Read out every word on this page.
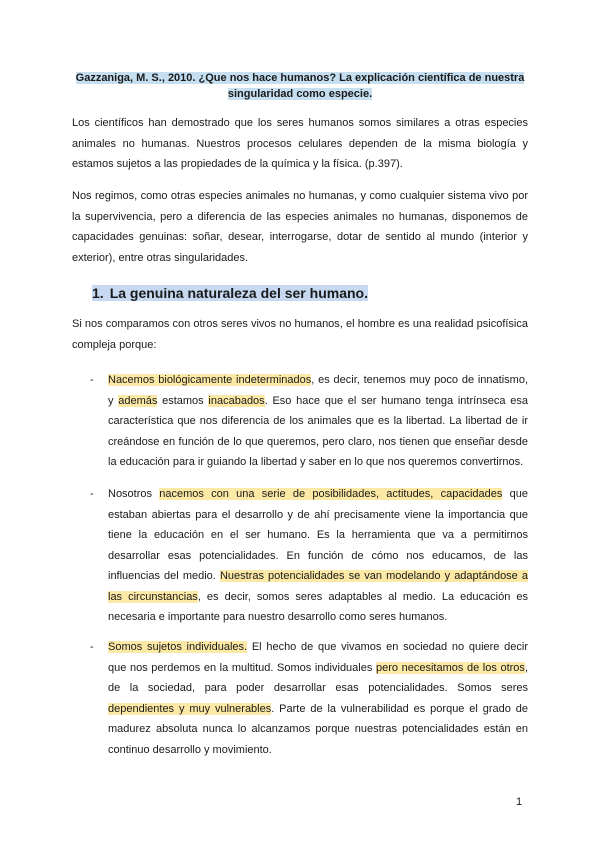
Gazzaniga, M. S., 2010. ¿Que nos hace humanos? La explicación científica de nuestra
singularidad como especie.

Los científicos han demostrado que los seres humanos somos similares a otras especies animales no humanas. Nuestros procesos celulares dependen de la misma biología y estamos sujetos a las propiedades de la química y la física. (p.397).

Nos regimos, como otras especies animales no humanas, y como cualquier sistema vivo por la supervivencia, pero a diferencia de las especies animales no humanas, disponemos de capacidades genuinas: soñar, desear, interrogarse, dotar de sentido al mundo (interior y exterior), entre otras singularidades.

1. La genuina naturaleza del ser humano.

Si nos comparamos con otros seres vivos no humanos, el hombre es una realidad psicofísica compleja porque:

- Nacemos biológicamente indeterminados, es decir, tenemos muy poco de innatismo, y además estamos inacabados. Eso hace que el ser humano tenga intrínseca esa característica que nos diferencia de los animales que es la libertad. La libertad de ir creándose en función de lo que queremos, pero claro, nos tienen que enseñar desde la educación para ir guiando la libertad y saber en lo que nos queremos convertirnos.

- Nosotros nacemos con una serie de posibilidades, actitudes, capacidades que estaban abiertas para el desarrollo y de ahí precisamente viene la importancia que tiene la educación en el ser humano. Es la herramienta que va a permitirnos desarrollar esas potencialidades. En función de cómo nos educamos, de las influencias del medio. Nuestras potencialidades se van modelando y adaptándose a las circunstancias, es decir, somos seres adaptables al medio. La educación es necesaria e importante para nuestro desarrollo como seres humanos.

- Somos sujetos individuales. El hecho de que vivamos en sociedad no quiere decir que nos perdemos en la multitud. Somos individuales pero necesitamos de los otros, de la sociedad, para poder desarrollar esas potencialidades. Somos seres dependientes y muy vulnerables. Parte de la vulnerabilidad es porque el grado de madurez absoluta nunca lo alcanzamos porque nuestras potencialidades están en continuo desarrollo y movimiento.

1
